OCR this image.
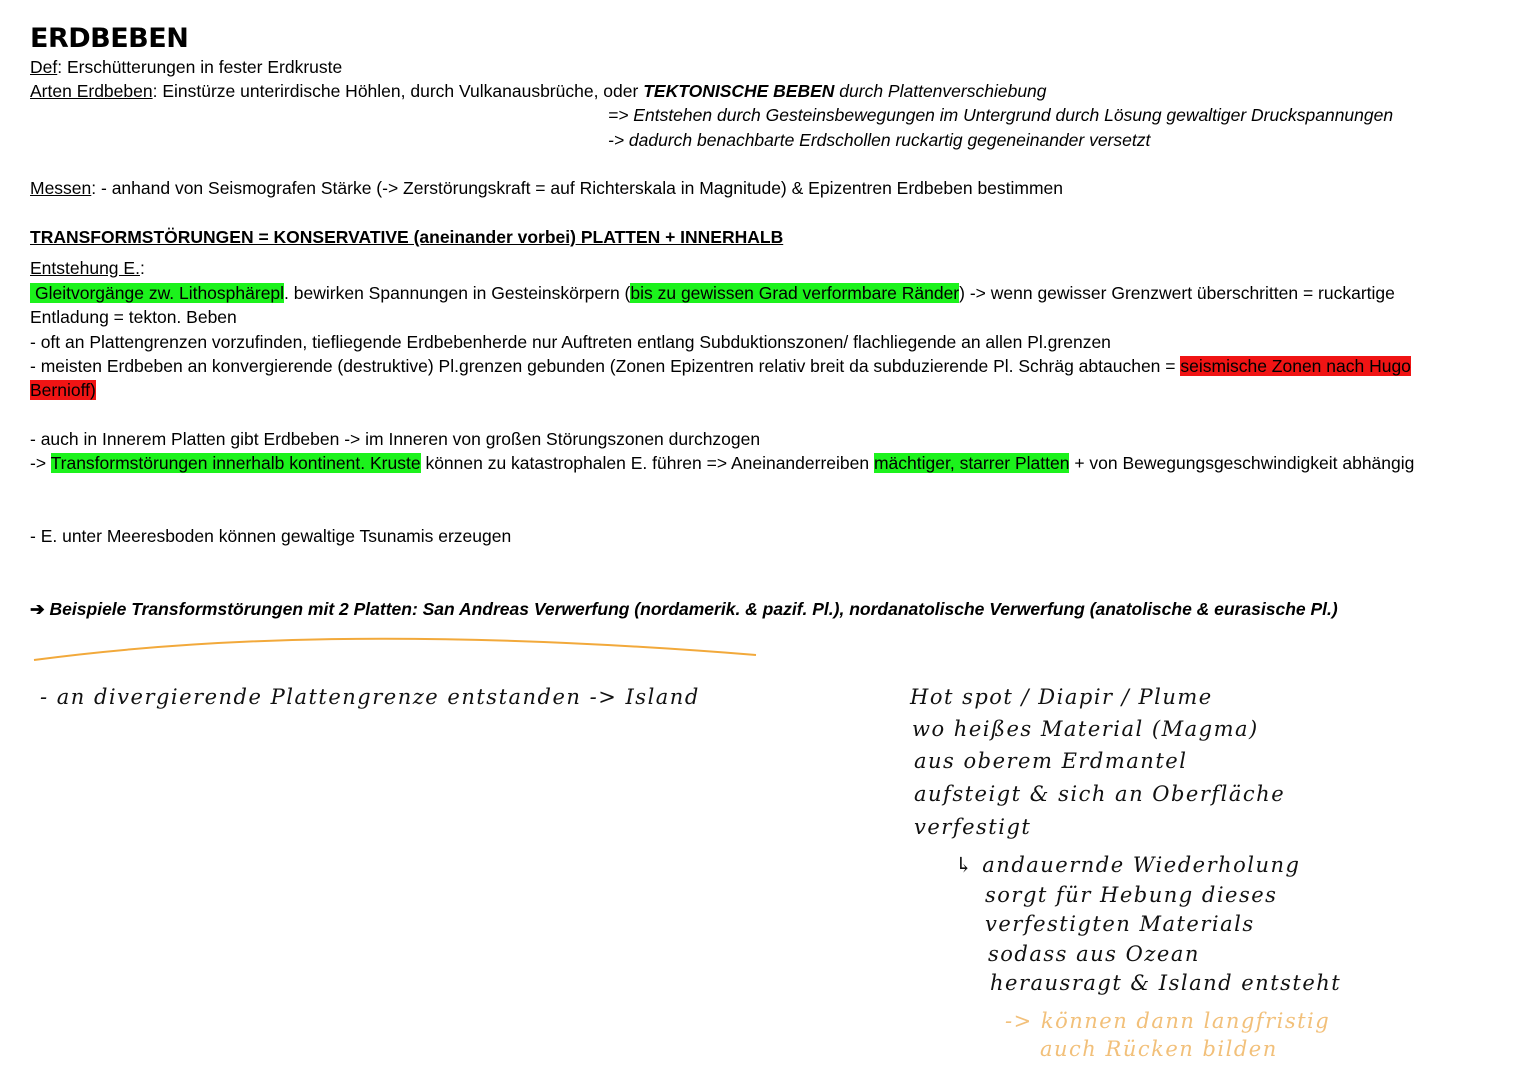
ERDBEBEN
Def: Erschütterungen in fester Erdkruste
Arten Erdbeben: Einstürze unterirdische Höhlen, durch Vulkanausbrüche, oder TEKTONISCHE BEBEN durch Plattenverschiebung
=> Entstehen durch Gesteinsbewegungen im Untergrund durch Lösung gewaltiger Druckspannungen
-> dadurch benachbarte Erdschollen ruckartig gegeneinander versetzt
Messen: - anhand von Seismografen Stärke (-> Zerstörungskraft = auf Richterskala in Magnitude) & Epizentren Erdbeben bestimmen
TRANSFORMSTÖRUNGEN = KONSERVATIVE (aneinander vorbei) PLATTEN + INNERHALB
Entstehung E.:
Gleitvorgänge zw. Lithosphärepl. bewirken Spannungen in Gesteinskörpern (bis zu gewissen Grad verformbare Ränder) -> wenn gewisser Grenzwert überschritten = ruckartige
Entladung = tekton. Beben
- oft an Plattengrenzen vorzufinden, tiefliegende Erdbebenherde nur Auftreten entlang Subduktionszonen/ flachliegende an allen Pl.grenzen
- meisten Erdbeben an konvergierende (destruktive) Pl.grenzen gebunden (Zonen Epizentren relativ breit da subduzierende Pl. Schräg abtauchen = seismische Zonen nach Hugo
Bernioff)
- auch in Innerem Platten gibt Erdbeben -> im Inneren von großen Störungszonen durchzogen
-> Transformstörungen innerhalb kontinent. Kruste können zu katastrophalen E. führen => Aneinanderreiben mächtiger, starrer Platten + von Bewegungsgeschwindigkeit abhängig
- E. unter Meeresboden können gewaltige Tsunamis erzeugen
➔ Beispiele Transformstörungen mit 2 Platten: San Andreas Verwerfung (nordamerik. & pazif. Pl.), nordanatolische Verwerfung (anatolische & eurasische Pl.)
- an divergierende Plattengrenze entstanden -> Island	Hot spot / Diapir / Plume
wo heißes Material (Magma)
aus oberem Erdmantel
aufsteigt & sich an Oberfläche
verfestigt
↳ andauernde Wiederholung
sorgt für Hebung dieses
verfestigten Materials
sodass aus Ozean
herausragt & Island entsteht
-> können dann langfristig
auch Rücken bilden
